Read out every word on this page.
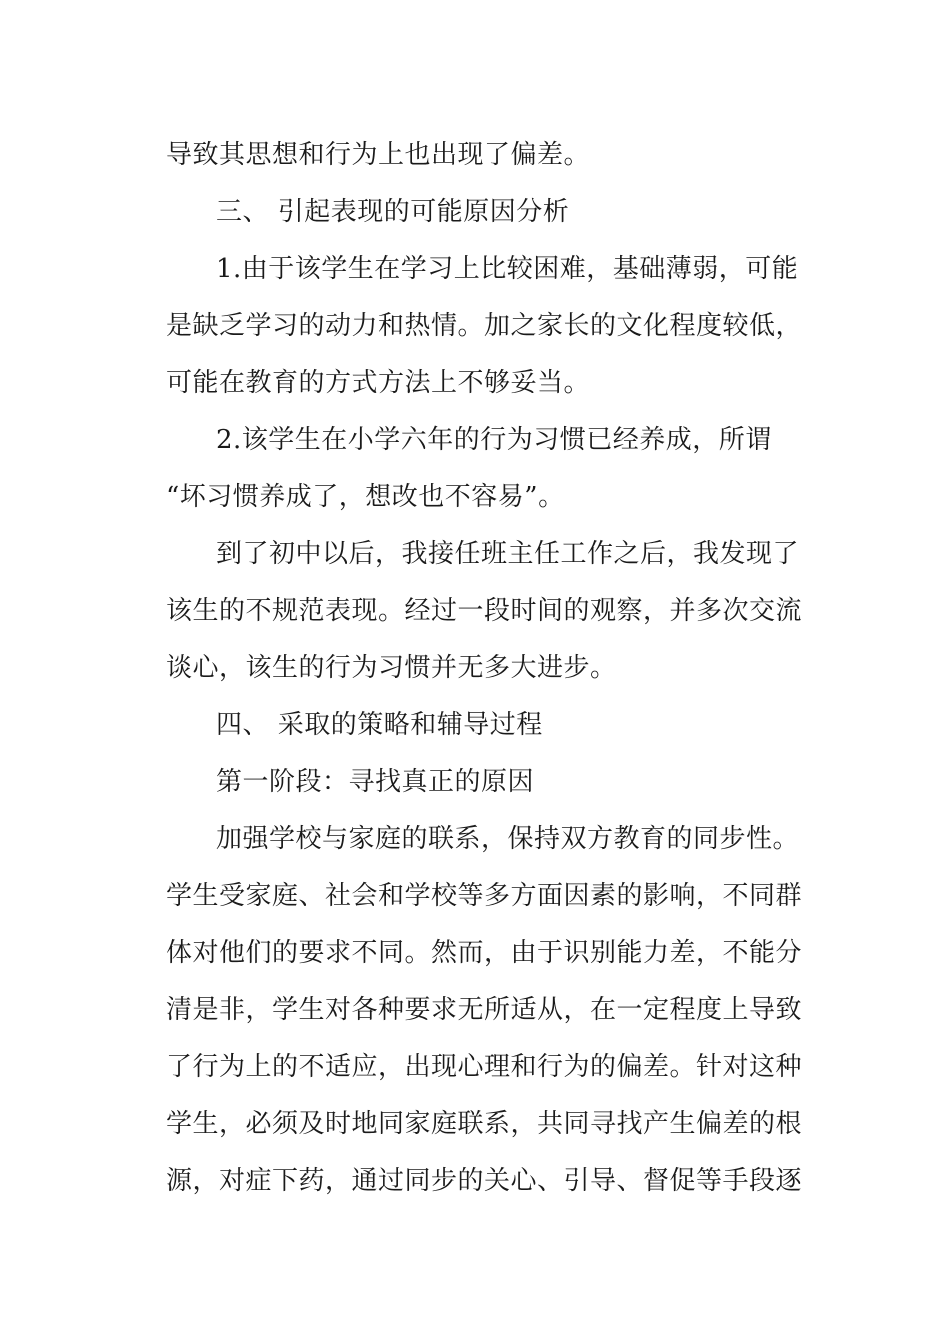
导致其思想和行为上也出现了偏差。
三、 引起表现的可能原因分析
1.由于该学生在学习上比较困难，基础薄弱，可能
是缺乏学习的动力和热情。加之家长的文化程度较低，
可能在教育的方式方法上不够妥当。
2.该学生在小学六年的行为习惯已经养成，所谓
“坏习惯养成了，想改也不容易”。
到了初中以后，我接任班主任工作之后，我发现了
该生的不规范表现。经过一段时间的观察，并多次交流
谈心，该生的行为习惯并无多大进步。
四、 采取的策略和辅导过程
第一阶段：寻找真正的原因
加强学校与家庭的联系，保持双方教育的同步性。
学生受家庭、社会和学校等多方面因素的影响，不同群
体对他们的要求不同。然而，由于识别能力差，不能分
清是非，学生对各种要求无所适从，在一定程度上导致
了行为上的不适应，出现心理和行为的偏差。针对这种
学生，必须及时地同家庭联系，共同寻找产生偏差的根
源，对症下药，通过同步的关心、引导、督促等手段逐
